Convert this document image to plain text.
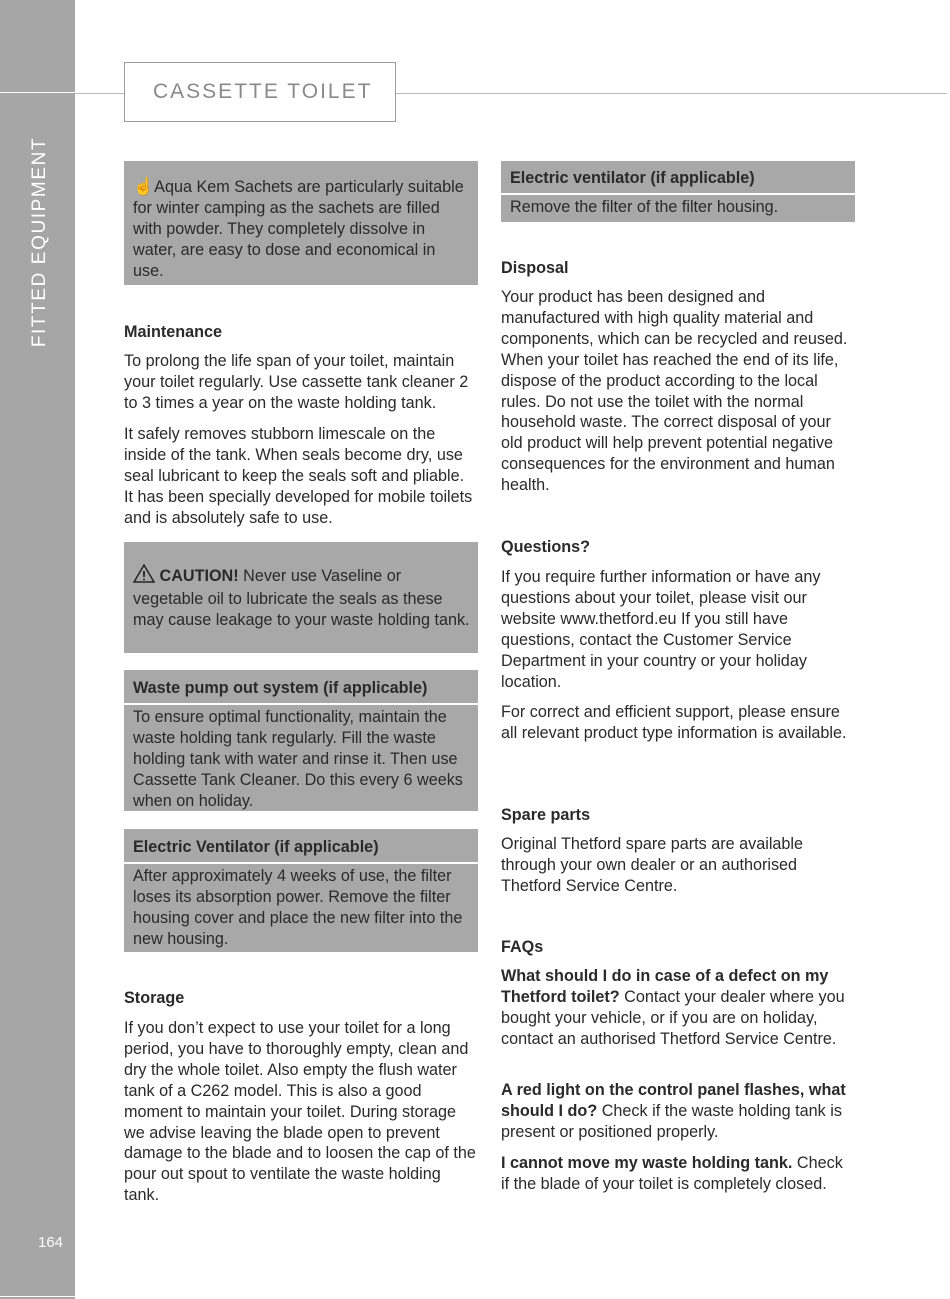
FITTED EQUIPMENT
164
CASSETTE TOILET

☝Aqua Kem Sachets are particularly suitable for winter camping as the sachets are filled with powder. They completely dissolve in water, are easy to dose and economical in use.

Maintenance

To prolong the life span of your toilet, maintain your toilet regularly. Use cassette tank cleaner 2 to 3 times a year on the waste holding tank.

It safely removes stubborn limescale on the inside of the tank. When seals become dry, use seal lubricant to keep the seals soft and pliable. It has been specially developed for mobile toilets and is absolutely safe to use.

CAUTION! Never use Vaseline or vegetable oil to lubricate the seals as these may cause leakage to your waste holding tank.

Waste pump out system (if applicable)

To ensure optimal functionality, maintain the waste holding tank regularly. Fill the waste holding tank with water and rinse it. Then use Cassette Tank Cleaner. Do this every 6 weeks when on holiday.

Electric Ventilator (if applicable)

After approximately 4 weeks of use, the filter loses its absorption power. Remove the filter housing cover and place the new filter into the new housing.

Storage

If you don’t expect to use your toilet for a long period, you have to thoroughly empty, clean and dry the whole toilet. Also empty the flush water tank of a C262 model. This is also a good moment to maintain your toilet. During storage we advise leaving the blade open to prevent damage to the blade and to loosen the cap of the pour out spout to ventilate the waste holding tank.

Electric ventilator (if applicable)

Remove the filter of the filter housing.

Disposal

Your product has been designed and manufactured with high quality material and components, which can be recycled and reused. When your toilet has reached the end of its life, dispose of the product according to the local rules. Do not use the toilet with the normal household waste. The correct disposal of your old product will help prevent potential negative consequences for the environment and human health.

Questions?

If you require further information or have any questions about your toilet, please visit our website www.thetford.eu If you still have questions, contact the Customer Service Department in your country or your holiday location.

For correct and efficient support, please ensure all relevant product type information is available.

Spare parts

Original Thetford spare parts are available through your own dealer or an authorised Thetford Service Centre.

FAQs

What should I do in case of a defect on my Thetford toilet? Contact your dealer where you bought your vehicle, or if you are on holiday, contact an authorised Thetford Service Centre.

A red light on the control panel flashes, what should I do? Check if the waste holding tank is present or positioned properly.

I cannot move my waste holding tank. Check if the blade of your toilet is completely closed.
